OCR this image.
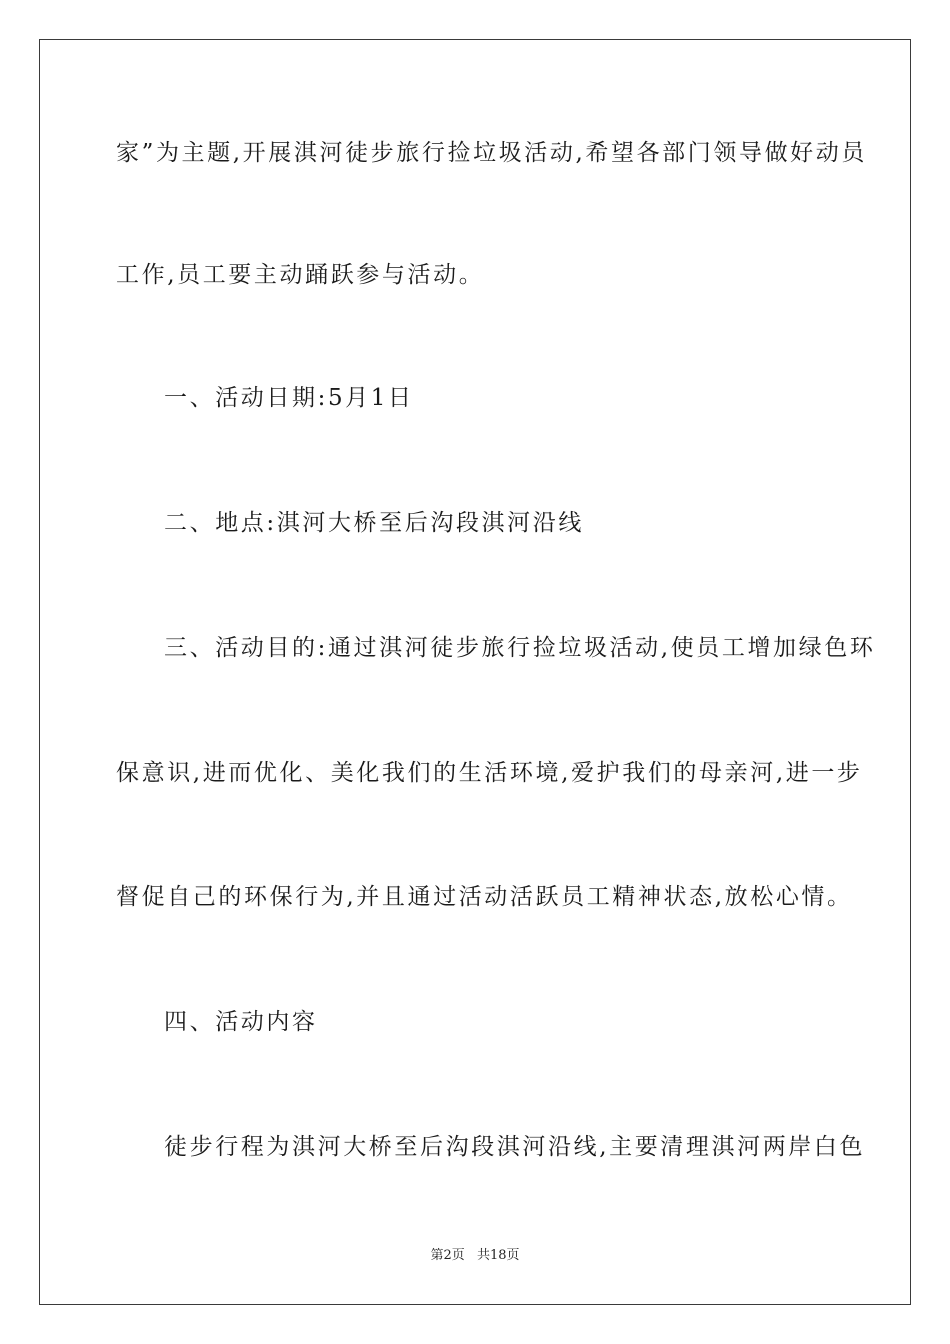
家”为主题,开展淇河徒步旅行捡垃圾活动,希望各部门领导做好动员
工作,员工要主动踊跃参与活动。
一、活动日期:5月1日
二、地点:淇河大桥至后沟段淇河沿线
三、活动目的:通过淇河徒步旅行捡垃圾活动,使员工增加绿色环
保意识,进而优化、美化我们的生活环境,爱护我们的母亲河,进一步
督促自己的环保行为,并且通过活动活跃员工精神状态,放松心情。
四、活动内容
徒步行程为淇河大桥至后沟段淇河沿线,主要清理淇河两岸白色
第2页 共18页
